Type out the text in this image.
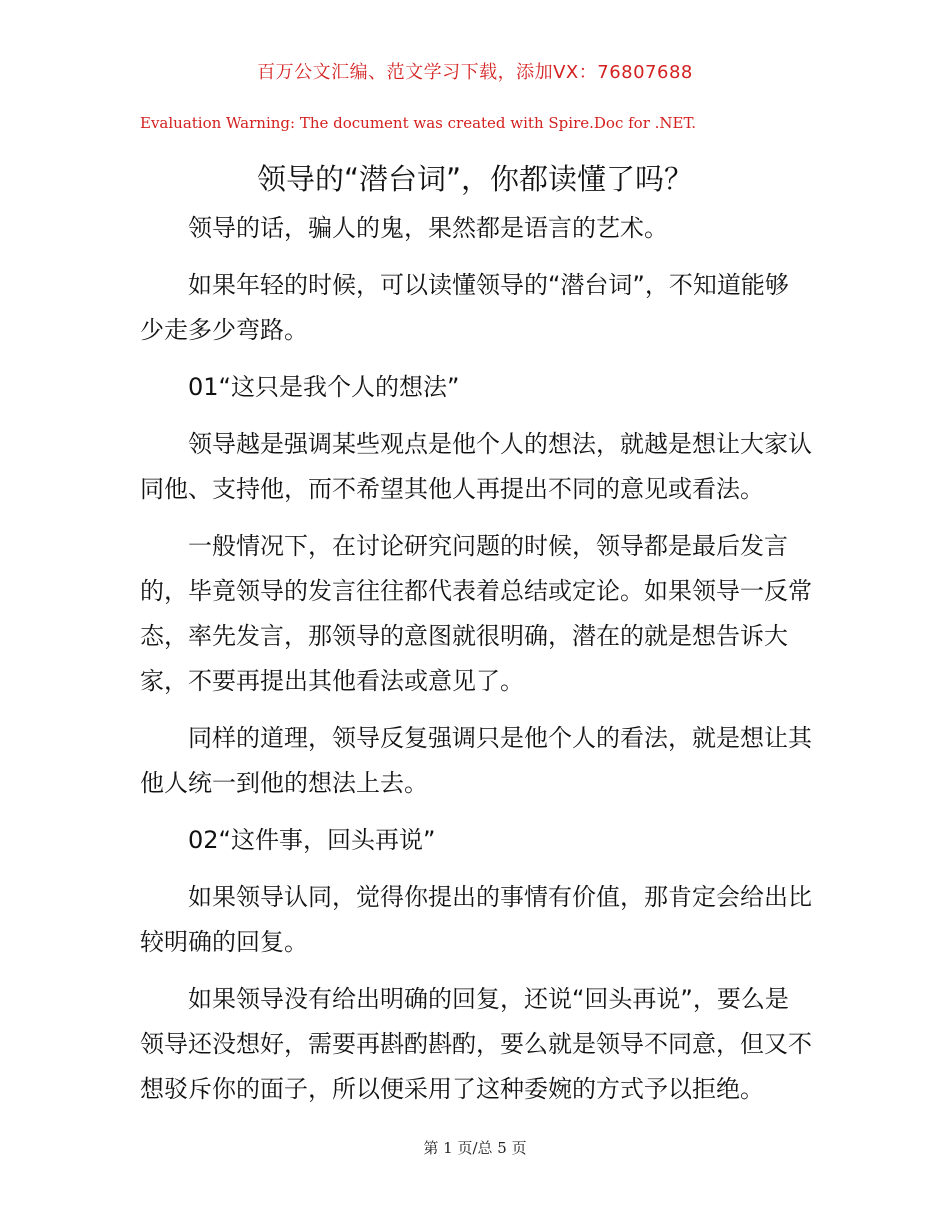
百万公文汇编、范文学习下载，添加VX：76807688
Evaluation Warning: The document was created with Spire.Doc for .NET.
领导的“潜台词”，你都读懂了吗？

领导的话，骗人的鬼，果然都是语言的艺术。

如果年轻的时候，可以读懂领导的“潜台词”，不知道能够少走多少弯路。

01“这只是我个人的想法”

领导越是强调某些观点是他个人的想法，就越是想让大家认同他、支持他，而不希望其他人再提出不同的意见或看法。

一般情况下，在讨论研究问题的时候，领导都是最后发言的，毕竟领导的发言往往都代表着总结或定论。如果领导一反常态，率先发言，那领导的意图就很明确，潜在的就是想告诉大家，不要再提出其他看法或意见了。

同样的道理，领导反复强调只是他个人的看法，就是想让其他人统一到他的想法上去。

02“这件事，回头再说”

如果领导认同，觉得你提出的事情有价值，那肯定会给出比较明确的回复。

如果领导没有给出明确的回复，还说“回头再说”，要么是领导还没想好，需要再斟酌斟酌，要么就是领导不同意，但又不想驳斥你的面子，所以便采用了这种委婉的方式予以拒绝。

第 1 页/总 5 页
